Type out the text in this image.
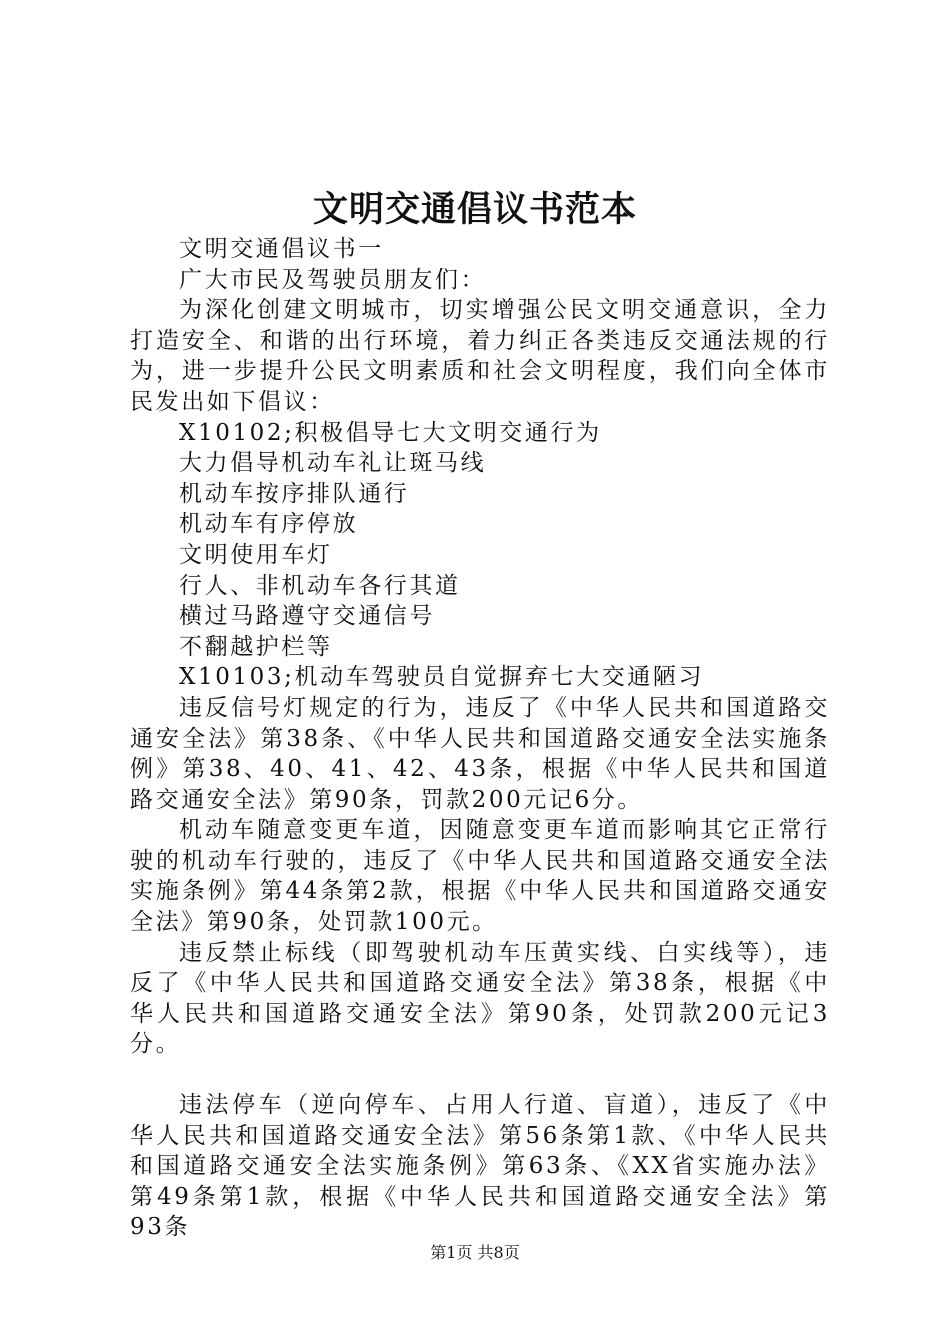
文明交通倡议书范本

文明交通倡议书一

广大市民及驾驶员朋友们：

为深化创建文明城市，切实增强公民文明交通意识，全力打造安全、和谐的出行环境，着力纠正各类违反交通法规的行为，进一步提升公民文明素质和社会文明程度，我们向全体市民发出如下倡议：

X10102;积极倡导七大文明交通行为

大力倡导机动车礼让斑马线

机动车按序排队通行

机动车有序停放

文明使用车灯

行人、非机动车各行其道

横过马路遵守交通信号

不翻越护栏等

X10103;机动车驾驶员自觉摒弃七大交通陋习

违反信号灯规定的行为，违反了《中华人民共和国道路交通安全法》第38条、《中华人民共和国道路交通安全法实施条例》第38、40、41、42、43条，根据《中华人民共和国道路交通安全法》第90条，罚款200元记6分。

机动车随意变更车道，因随意变更车道而影响其它正常行驶的机动车行驶的，违反了《中华人民共和国道路交通安全法实施条例》第44条第2款，根据《中华人民共和国道路交通安全法》第90条，处罚款100元。

违反禁止标线（即驾驶机动车压黄实线、白实线等），违反了《中华人民共和国道路交通安全法》第38条，根据《中华人民共和国道路交通安全法》第90条，处罚款200元记3分。

违法停车（逆向停车、占用人行道、盲道），违反了《中华人民共和国道路交通安全法》第56条第1款、《中华人民共和国道路交通安全法实施条例》第63条、《XX省实施办法》第49条第1款，根据《中华人民共和国道路交通安全法》第93条

第1页 共8页
